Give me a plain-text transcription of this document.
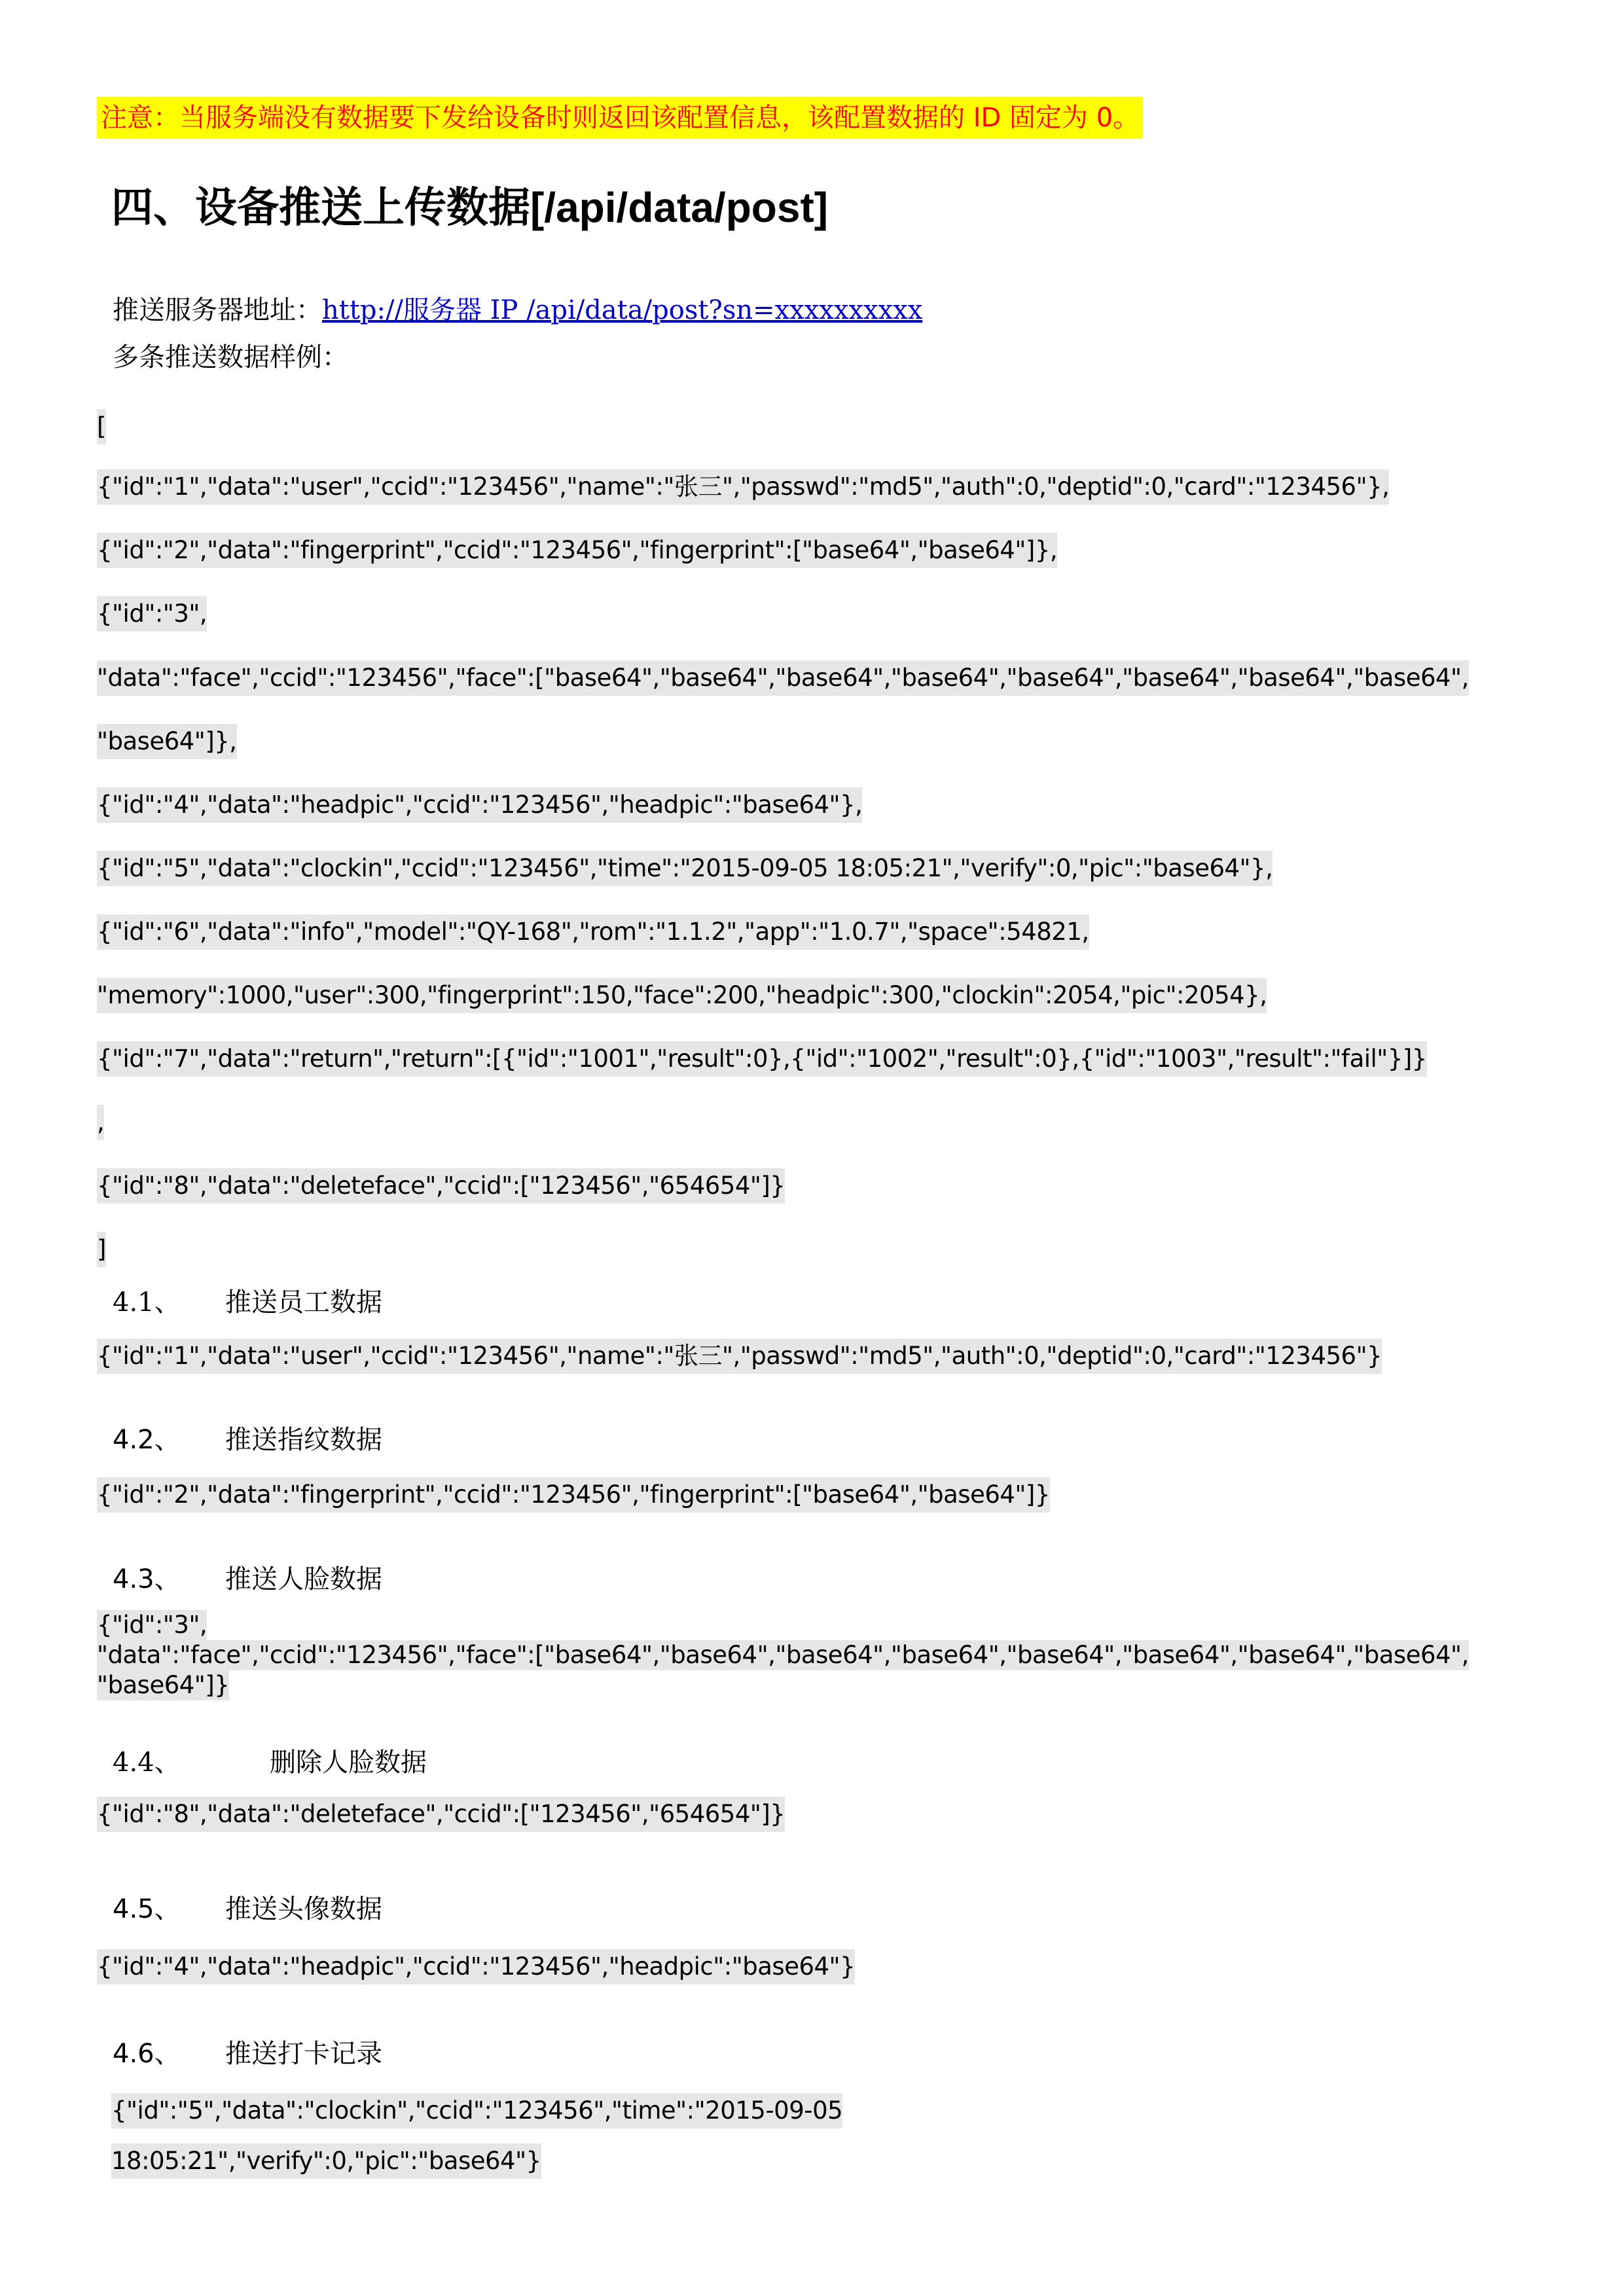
注意：当服务端没有数据要下发给设备时则返回该配置信息，该配置数据的 ID 固定为 0。
四、设备推送上传数据[/api/data/post]
推送服务器地址：http://服务器 IP /api/data/post?sn=xxxxxxxxxx
多条推送数据样例：
[
{"id":"1","data":"user","ccid":"123456","name":"张三","passwd":"md5","auth":0,"deptid":0,"card":"123456"},
{"id":"2","data":"fingerprint","ccid":"123456","fingerprint":["base64","base64"]},
{"id":"3",
"data":"face","ccid":"123456","face":["base64","base64","base64","base64","base64","base64","base64","base64",
"base64"]},
{"id":"4","data":"headpic","ccid":"123456","headpic":"base64"},
{"id":"5","data":"clockin","ccid":"123456","time":"2015-09-05 18:05:21","verify":0,"pic":"base64"},
{"id":"6","data":"info","model":"QY-168","rom":"1.1.2","app":"1.0.7","space":54821,
"memory":1000,"user":300,"fingerprint":150,"face":200,"headpic":300,"clockin":2054,"pic":2054},
{"id":"7","data":"return","return":[{"id":"1001","result":0},{"id":"1002","result":0},{"id":"1003","result":"fail"}]}
,
{"id":"8","data":"deleteface","ccid":["123456","654654"]}
]
4.1、 推送员工数据
{"id":"1","data":"user","ccid":"123456","name":"张三","passwd":"md5","auth":0,"deptid":0,"card":"123456"}
4.2、 推送指纹数据
{"id":"2","data":"fingerprint","ccid":"123456","fingerprint":["base64","base64"]}
4.3、 推送人脸数据
{"id":"3",
"data":"face","ccid":"123456","face":["base64","base64","base64","base64","base64","base64","base64","base64",
"base64"]}
4.4、	删除人脸数据
{"id":"8","data":"deleteface","ccid":["123456","654654"]}
4.5、 推送头像数据
{"id":"4","data":"headpic","ccid":"123456","headpic":"base64"}
4.6、 推送打卡记录
{"id":"5","data":"clockin","ccid":"123456","time":"2015-09-05
18:05:21","verify":0,"pic":"base64"}
